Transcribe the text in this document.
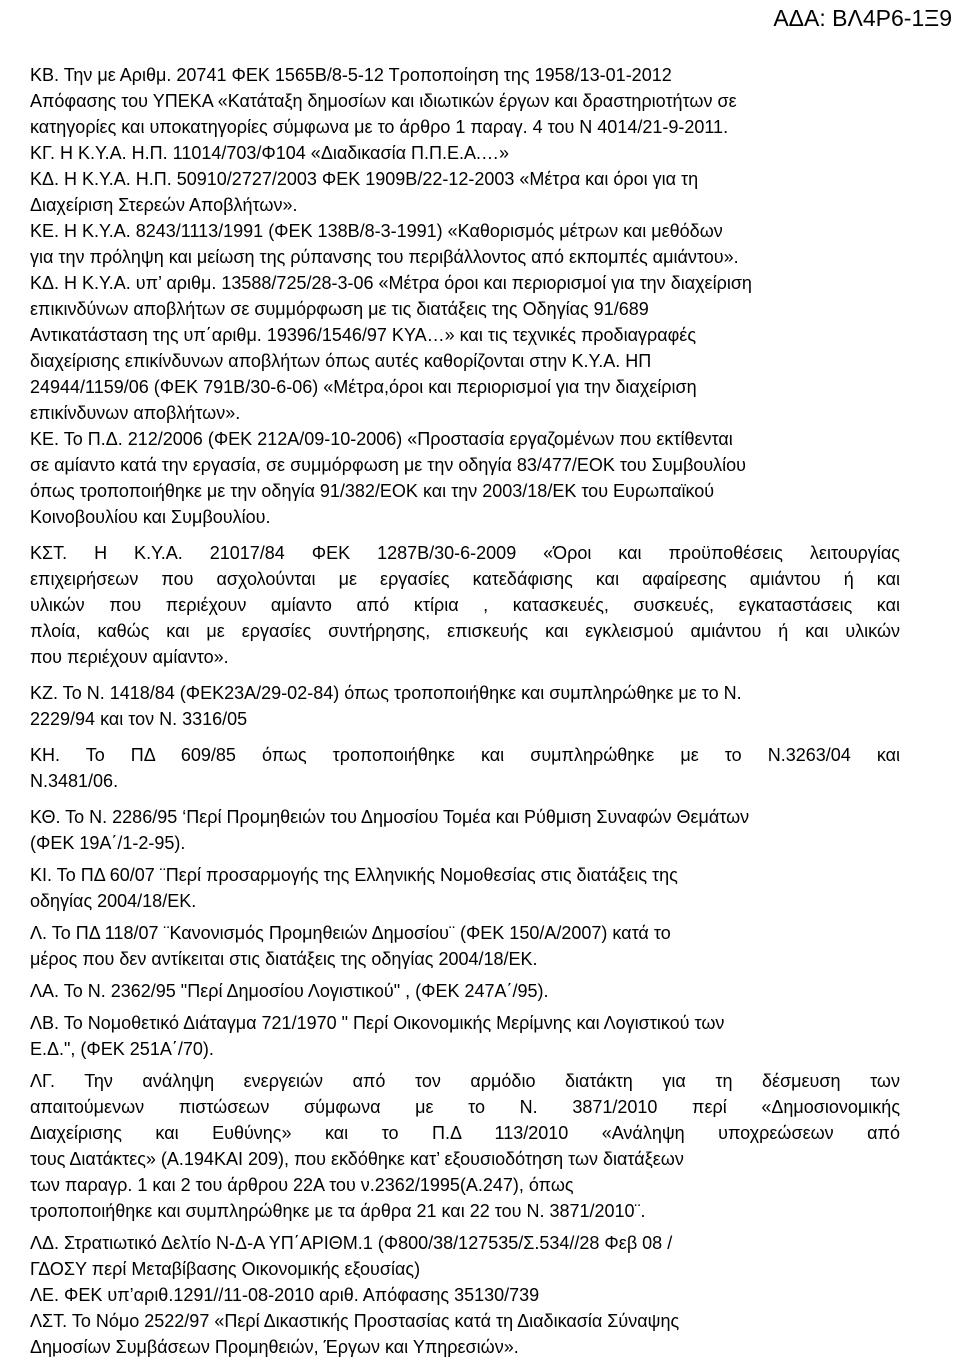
ΑΔΑ: ΒΛ4Ρ6-1Ξ9
ΚΒ. Την με Αριθμ. 20741 ΦΕΚ 1565Β/8-5-12 Τροποποίηση της 1958/13-01-2012
Απόφασης του ΥΠΕΚΑ «Κατάταξη δημοσίων και ιδιωτικών έργων και δραστηριοτήτων σε
κατηγορίες και υποκατηγορίες σύμφωνα με το άρθρο 1 παραγ. 4 του Ν 4014/21-9-2011.
ΚΓ. Η Κ.Υ.Α. Η.Π. 11014/703/Φ104 «Διαδικασία Π.Π.Ε.Α.…»
ΚΔ. Η Κ.Υ.Α. Η.Π. 50910/2727/2003 ΦΕΚ 1909Β/22-12-2003 «Μέτρα και όροι για τη
Διαχείριση Στερεών Αποβλήτων».
ΚΕ. Η Κ.Υ.Α. 8243/1113/1991 (ΦΕΚ 138Β/8-3-1991) «Καθορισμός μέτρων και μεθόδων
για την πρόληψη και μείωση της ρύπανσης του περιβάλλοντος από εκπομπές αμιάντου».
ΚΔ. Η Κ.Υ.Α. υπ’ αριθμ. 13588/725/28-3-06 «Μέτρα όροι και περιορισμοί για την διαχείριση
επικινδύνων αποβλήτων σε συμμόρφωση με τις διατάξεις της Οδηγίας 91/689
Αντικατάσταση της υπ΄αριθμ. 19396/1546/97 ΚΥΑ…» και τις τεχνικές προδιαγραφές
διαχείρισης επικίνδυνων αποβλήτων όπως αυτές καθορίζονται στην Κ.Υ.Α. ΗΠ
24944/1159/06 (ΦΕΚ 791Β/30-6-06) «Μέτρα,όροι και περιορισμοί για την διαχείριση
επικίνδυνων αποβλήτων».
ΚΕ. Το Π.Δ. 212/2006 (ΦΕΚ 212Α/09-10-2006) «Προστασία εργαζομένων που εκτίθενται
σε αμίαντο κατά την εργασία, σε συμμόρφωση με την οδηγία 83/477/ΕΟΚ του Συμβουλίου
όπως τροποποιήθηκε με την οδηγία 91/382/ΕΟΚ και την 2003/18/ΕΚ του Ευρωπαϊκού
Κοινοβουλίου και Συμβουλίου.
ΚΣΤ. Η Κ.Υ.Α. 21017/84 ΦΕΚ 1287Β/30-6-2009 «Όροι και προϋποθέσεις λειτουργίας
επιχειρήσεων που ασχολούνται με εργασίες κατεδάφισης και αφαίρεσης αμιάντου ή και
υλικών που περιέχουν αμίαντο από κτίρια , κατασκευές, συσκευές, εγκαταστάσεις και
πλοία, καθώς και με εργασίες συντήρησης, επισκευής και εγκλεισμού αμιάντου ή και υλικών
που περιέχουν αμίαντο».
ΚΖ. Το Ν. 1418/84 (ΦΕΚ23Α/29-02-84) όπως τροποποιήθηκε και συμπληρώθηκε με το Ν.
2229/94 και τον Ν. 3316/05
ΚΗ. Το ΠΔ 609/85 όπως τροποποιήθηκε και συμπληρώθηκε με το Ν.3263/04 και
Ν.3481/06.
ΚΘ. Το Ν. 2286/95 ‘Περί Προμηθειών του Δημοσίου Τομέα και Ρύθμιση Συναφών Θεμάτων
(ΦΕΚ 19Α΄/1-2-95).
ΚΙ. Το ΠΔ 60/07 ¨Περί προσαρμογής της Ελληνικής Νομοθεσίας στις διατάξεις της
οδηγίας 2004/18/ΕΚ.
Λ. Το ΠΔ 118/07 ¨Κανονισμός Προμηθειών Δημοσίου¨ (ΦΕΚ 150/Α/2007) κατά το
μέρος που δεν αντίκειται στις διατάξεις της οδηγίας 2004/18/ΕΚ.
ΛΑ. Το Ν. 2362/95 "Περί Δημοσίου Λογιστικού" , (ΦΕΚ 247Α΄/95).
ΛΒ. Το Νομοθετικό Διάταγμα 721/1970 " Περί Οικονομικής Μερίμνης και Λογιστικού των
Ε.Δ.", (ΦΕΚ 251Α΄/70).
ΛΓ. Την ανάληψη ενεργειών από τον αρμόδιο διατάκτη για τη δέσμευση των
απαιτούμενων πιστώσεων σύμφωνα με το Ν. 3871/2010 περί «Δημοσιονομικής
Διαχείρισης και Ευθύνης» και το Π.Δ 113/2010 «Ανάληψη υποχρεώσεων από
τους Διατάκτες» (Α.194ΚΑΙ 209), που εκδόθηκε κατ’ εξουσιοδότηση των διατάξεων
των παραγρ. 1 και 2 του άρθρου 22Α του ν.2362/1995(Α.247), όπως
τροποποιήθηκε και συμπληρώθηκε με τα άρθρα 21 και 22 του Ν. 3871/2010¨.
ΛΔ. Στρατιωτικό Δελτίο Ν-Δ-Α ΥΠ΄ΑΡΙΘΜ.1 (Φ800/38/127535/Σ.534//28 Φεβ 08 /
ΓΔΟΣΥ περί Μεταβίβασης Οικονομικής εξουσίας)
ΛΕ. ΦΕΚ υπ’αριθ.1291//11-08-2010 αριθ. Απόφασης 35130/739
ΛΣΤ. Το Νόμο 2522/97 «Περί Δικαστικής Προστασίας κατά τη Διαδικασία Σύναψης
Δημοσίων Συμβάσεων Προμηθειών, Έργων και Υπηρεσιών».
